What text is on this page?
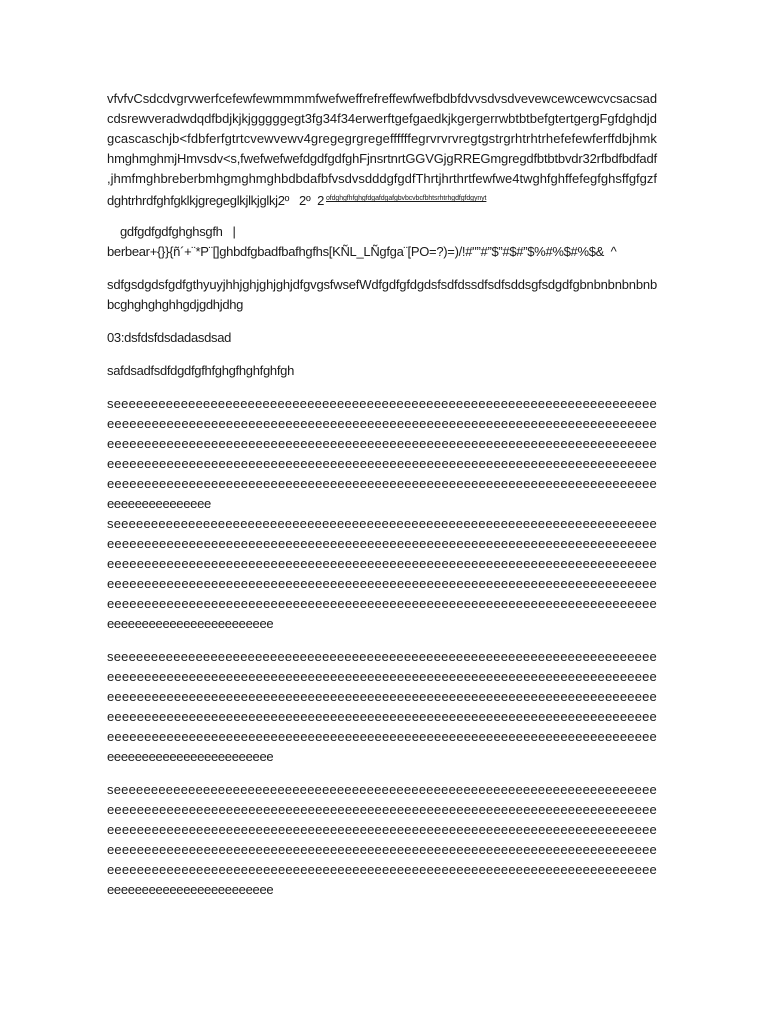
vfvfvCsdcdvgrvwerfcefewfewmmmmfwefweffrefreffewfwefbdbfdvvsdvsdvevewcewcewcvcsacsad
cdsrewveradwdqdfbdjkjkjgggggegt3fg34f34erwerftgefgaedkjkgergerrwbtbtbefgtertgergFgfdghdjd
gcascaschjb<fdbferfgtrtcvewvewv4gregegrgregeffffffegrvrvrvregtgstrgrhtrhtrhefefewferffdbjhmk
hmghmghmjHmvsdv<s,fwefwefwefdgdfgdfghFjnsrtnrtGGVGjgRREGmgregdfbtbtbvdr32rfbdfbdfadf
,jhmfmghbreberbmhgmghmghbdbdafbfvsdvsdddgfgdfThrtjhrthrtfewfwe4twghfghffefegfghsffgfgzf
dghtrhrdfghfgklkjgregeglkjlkjglkj2º   2º  2 $^{ofdghgfhfghgfdgafdgafgbvbcvbcfbhtsrhtrhgdfgfdgynyt}$
gdfgdfgdfghghsgfh   |
berbear+{}}{ñ´+¨*P¨[]ghbdfgbadfbafhgfhs[KÑL_LÑgfga¨[PO=?)=)/!#"”#”$”#$#”$%#%$#%$&  ^
sdfgsdgdsfgdfgthyuyjhhjghjghjghjdfgvgsfwsefWdfgdfgfdgdsfsdfdssdfsdfsddsgfsdgdfgbnbnbnbnbnb
bcghghghghhgdjgdhjdhg
03:dsfdsfdsdadasdsad
safdsadfsdfdgdfgfhfghgfhghfghfgh
seeeeeeeeeeeeeeeeeeeeeeeeeeeeeeeeeeeeeeeeeeeeeeeeeeeeeeeeeeeeeeeeeeeeeeeee
eeeeeeeeeeeeeeeeeeeeeeeeeeeeeeeeeeeeeeeeeeeeeeeeeeeeeeeeeeeeeeeeeeeeeeeeee
eeeeeeeeeeeeeeeeeeeeeeeeeeeeeeeeeeeeeeeeeeeeeeeeeeeeeeeeeeeeeeeeeeeeeeeeee
eeeeeeeeeeeeeeeeeeeeeeeeeeeeeeeeeeeeeeeeeeeeeeeeeeeeeeeeeeeeeeeeeeeeeeeeee
eeeeeeeeeeeeeeeeeeeeeeeeeeeeeeeeeeeeeeeeeeeeeeeeeeeeeeeeeeeeeeeeeeeeeeeeee
eeeeeeeeeeeeeee
seeeeeeeeeeeeeeeeeeeeeeeeeeeeeeeeeeeeeeeeeeeeeeeeeeeeeeeeeeeeeeeeeeeeeeeee
eeeeeeeeeeeeeeeeeeeeeeeeeeeeeeeeeeeeeeeeeeeeeeeeeeeeeeeeeeeeeeeeeeeeeeeeee
eeeeeeeeeeeeeeeeeeeeeeeeeeeeeeeeeeeeeeeeeeeeeeeeeeeeeeeeeeeeeeeeeeeeeeeeee
eeeeeeeeeeeeeeeeeeeeeeeeeeeeeeeeeeeeeeeeeeeeeeeeeeeeeeeeeeeeeeeeeeeeeeeeee
eeeeeeeeeeeeeeeeeeeeeeeeeeeeeeeeeeeeeeeeeeeeeeeeeeeeeeeeeeeeeeeeeeeeeeeeee
eeeeeeeeeeeeeeeeeeeeeeee
seeeeeeeeeeeeeeeeeeeeeeeeeeeeeeeeeeeeeeeeeeeeeeeeeeeeeeeeeeeeeeeeeeeeeeeee
eeeeeeeeeeeeeeeeeeeeeeeeeeeeeeeeeeeeeeeeeeeeeeeeeeeeeeeeeeeeeeeeeeeeeeeeee
eeeeeeeeeeeeeeeeeeeeeeeeeeeeeeeeeeeeeeeeeeeeeeeeeeeeeeeeeeeeeeeeeeeeeeeeee
eeeeeeeeeeeeeeeeeeeeeeeeeeeeeeeeeeeeeeeeeeeeeeeeeeeeeeeeeeeeeeeeeeeeeeeeee
eeeeeeeeeeeeeeeeeeeeeeeeeeeeeeeeeeeeeeeeeeeeeeeeeeeeeeeeeeeeeeeeeeeeeeeeee
eeeeeeeeeeeeeeeeeeeeeeee
seeeeeeeeeeeeeeeeeeeeeeeeeeeeeeeeeeeeeeeeeeeeeeeeeeeeeeeeeeeeeeeeeeeeeeeee
eeeeeeeeeeeeeeeeeeeeeeeeeeeeeeeeeeeeeeeeeeeeeeeeeeeeeeeeeeeeeeeeeeeeeeeeee
eeeeeeeeeeeeeeeeeeeeeeeeeeeeeeeeeeeeeeeeeeeeeeeeeeeeeeeeeeeeeeeeeeeeeeeeee
eeeeeeeeeeeeeeeeeeeeeeeeeeeeeeeeeeeeeeeeeeeeeeeeeeeeeeeeeeeeeeeeeeeeeeeeee
eeeeeeeeeeeeeeeeeeeeeeeeeeeeeeeeeeeeeeeeeeeeeeeeeeeeeeeeeeeeeeeeeeeeeeeeee
eeeeeeeeeeeeeeeeeeeeeeee
